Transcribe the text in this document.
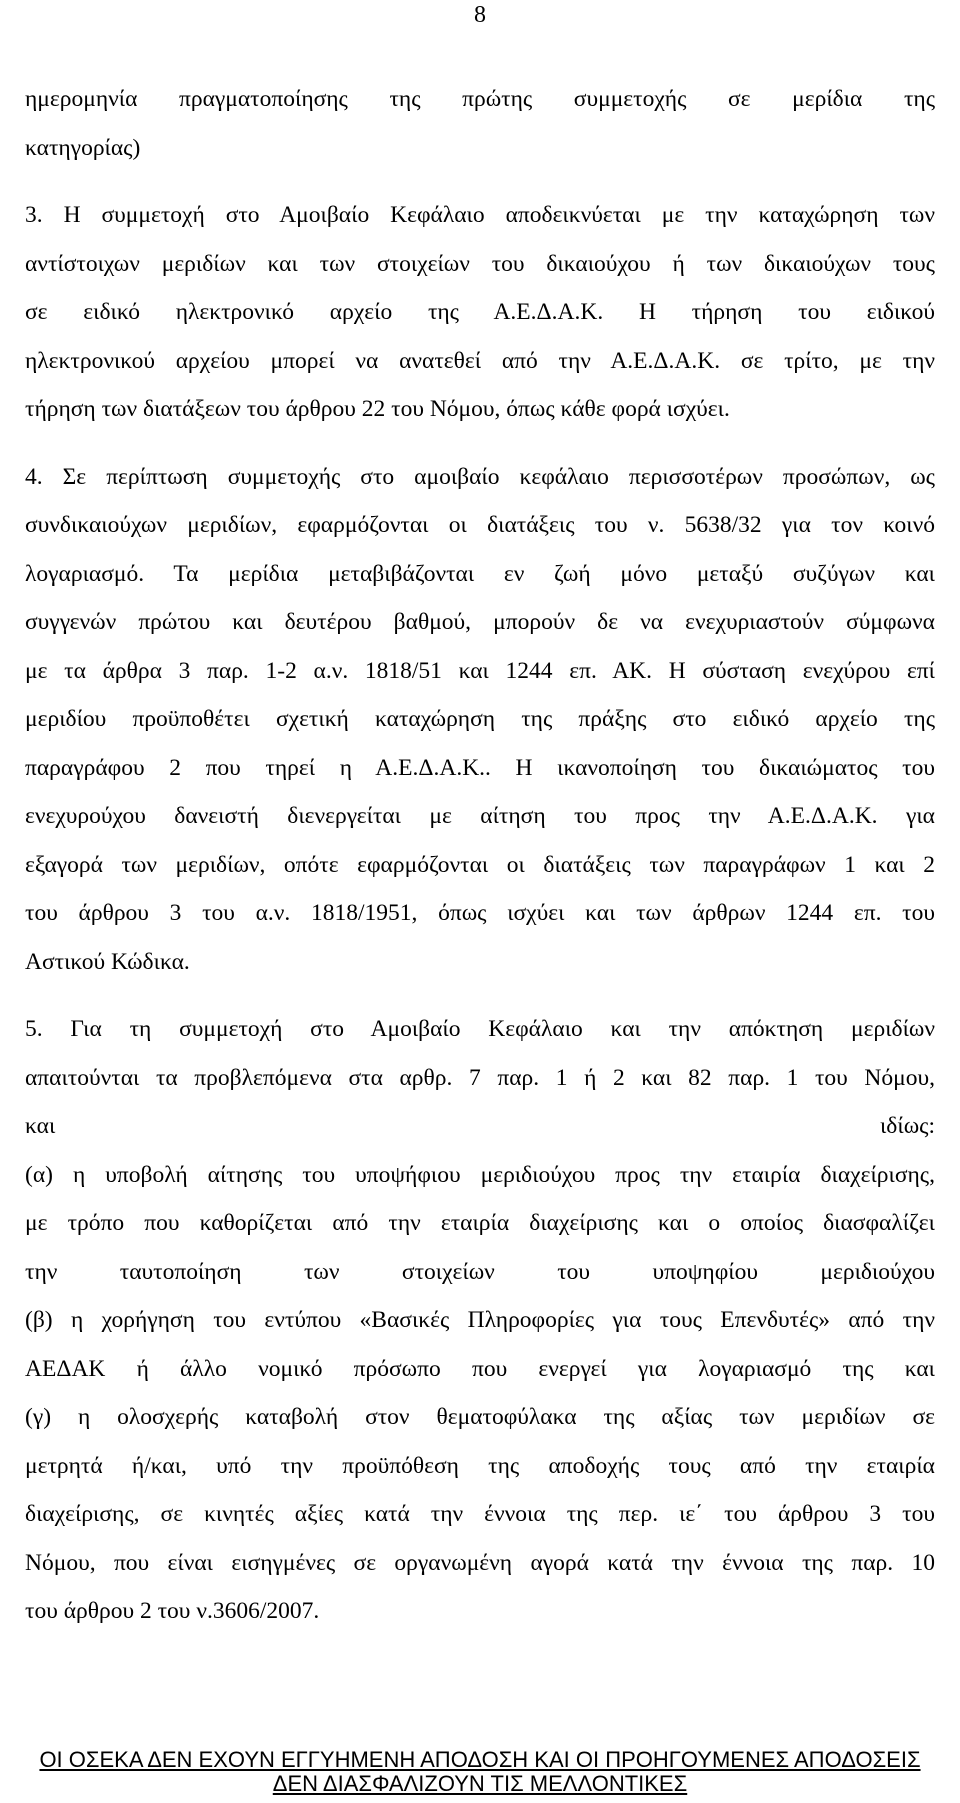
8
ημερομηνία πραγματοποίησης της πρώτης συμμετοχής σε μερίδια της
κατηγορίας)
3. Η συμμετοχή στο Αμοιβαίο Κεφάλαιο αποδεικνύεται με την καταχώρηση των
αντίστοιχων μεριδίων και των στοιχείων του δικαιούχου ή των δικαιούχων τους
σε ειδικό ηλεκτρονικό αρχείο της Α.Ε.Δ.Α.Κ. Η τήρηση του ειδικού
ηλεκτρονικού αρχείου μπορεί να ανατεθεί από την Α.Ε.Δ.Α.Κ. σε τρίτο, με την
τήρηση των διατάξεων του άρθρου 22 του Νόμου, όπως κάθε φορά ισχύει.
4. Σε περίπτωση συμμετοχής στο αμοιβαίο κεφάλαιο περισσοτέρων προσώπων, ως
συνδικαιούχων μεριδίων, εφαρμόζονται οι διατάξεις του ν. 5638/32 για τον κοινό
λογαριασμό. Τα μερίδια μεταβιβάζονται εν ζωή μόνο μεταξύ συζύγων και
συγγενών πρώτου και δευτέρου βαθμού, μπορούν δε να ενεχυριαστούν σύμφωνα
με τα άρθρα 3 παρ. 1-2 α.ν. 1818/51 και 1244 επ. ΑΚ. Η σύσταση ενεχύρου επί
μεριδίου προϋποθέτει σχετική καταχώρηση της πράξης στο ειδικό αρχείο της
παραγράφου 2 που τηρεί η Α.Ε.Δ.Α.Κ.. Η ικανοποίηση του δικαιώματος του
ενεχυρούχου δανειστή διενεργείται με αίτηση του προς την Α.Ε.Δ.Α.Κ. για
εξαγορά των μεριδίων, οπότε εφαρμόζονται οι διατάξεις των παραγράφων 1 και 2
του άρθρου 3 του α.ν. 1818/1951, όπως ισχύει και των άρθρων 1244 επ. του
Αστικού Κώδικα.
5. Για τη συμμετοχή στο Αμοιβαίο Κεφάλαιο και την απόκτηση μεριδίων
απαιτούνται τα προβλεπόμενα στα αρθρ. 7 παρ. 1 ή 2 και 82 παρ. 1 του Νόμου,
και ιδίως:
(α) η υποβολή αίτησης του υποψήφιου μεριδιούχου προς την εταιρία διαχείρισης,
με τρόπο που καθορίζεται από την εταιρία διαχείρισης και ο οποίος διασφαλίζει
την ταυτοποίηση των στοιχείων του υποψηφίου μεριδιούχου
(β) η χορήγηση του εντύπου «Βασικές Πληροφορίες για τους Επενδυτές» από την
ΑΕΔΑΚ ή άλλο νομικό πρόσωπο που ενεργεί για λογαριασμό της και
(γ) η ολοσχερής καταβολή στον θεματοφύλακα της αξίας των μεριδίων σε
μετρητά ή/και, υπό την προϋπόθεση της αποδοχής τους από την εταιρία
διαχείρισης, σε κινητές αξίες κατά την έννοια της περ. ιε΄ του άρθρου 3 του
Νόμου, που είναι εισηγμένες σε οργανωμένη αγορά κατά την έννοια της παρ. 10
του άρθρου 2 του ν.3606/2007.
ΟΙ ΟΣΕΚΑ ΔΕΝ ΕΧΟΥΝ ΕΓΓΥΗΜΕΝΗ ΑΠΟΔΟΣΗ ΚΑΙ ΟΙ ΠΡΟΗΓΟΥΜΕΝΕΣ ΑΠΟΔΟΣΕΙΣ
ΔΕΝ ΔΙΑΣΦΑΛΙΖΟΥΝ ΤΙΣ ΜΕΛΛΟΝΤΙΚΕΣ
